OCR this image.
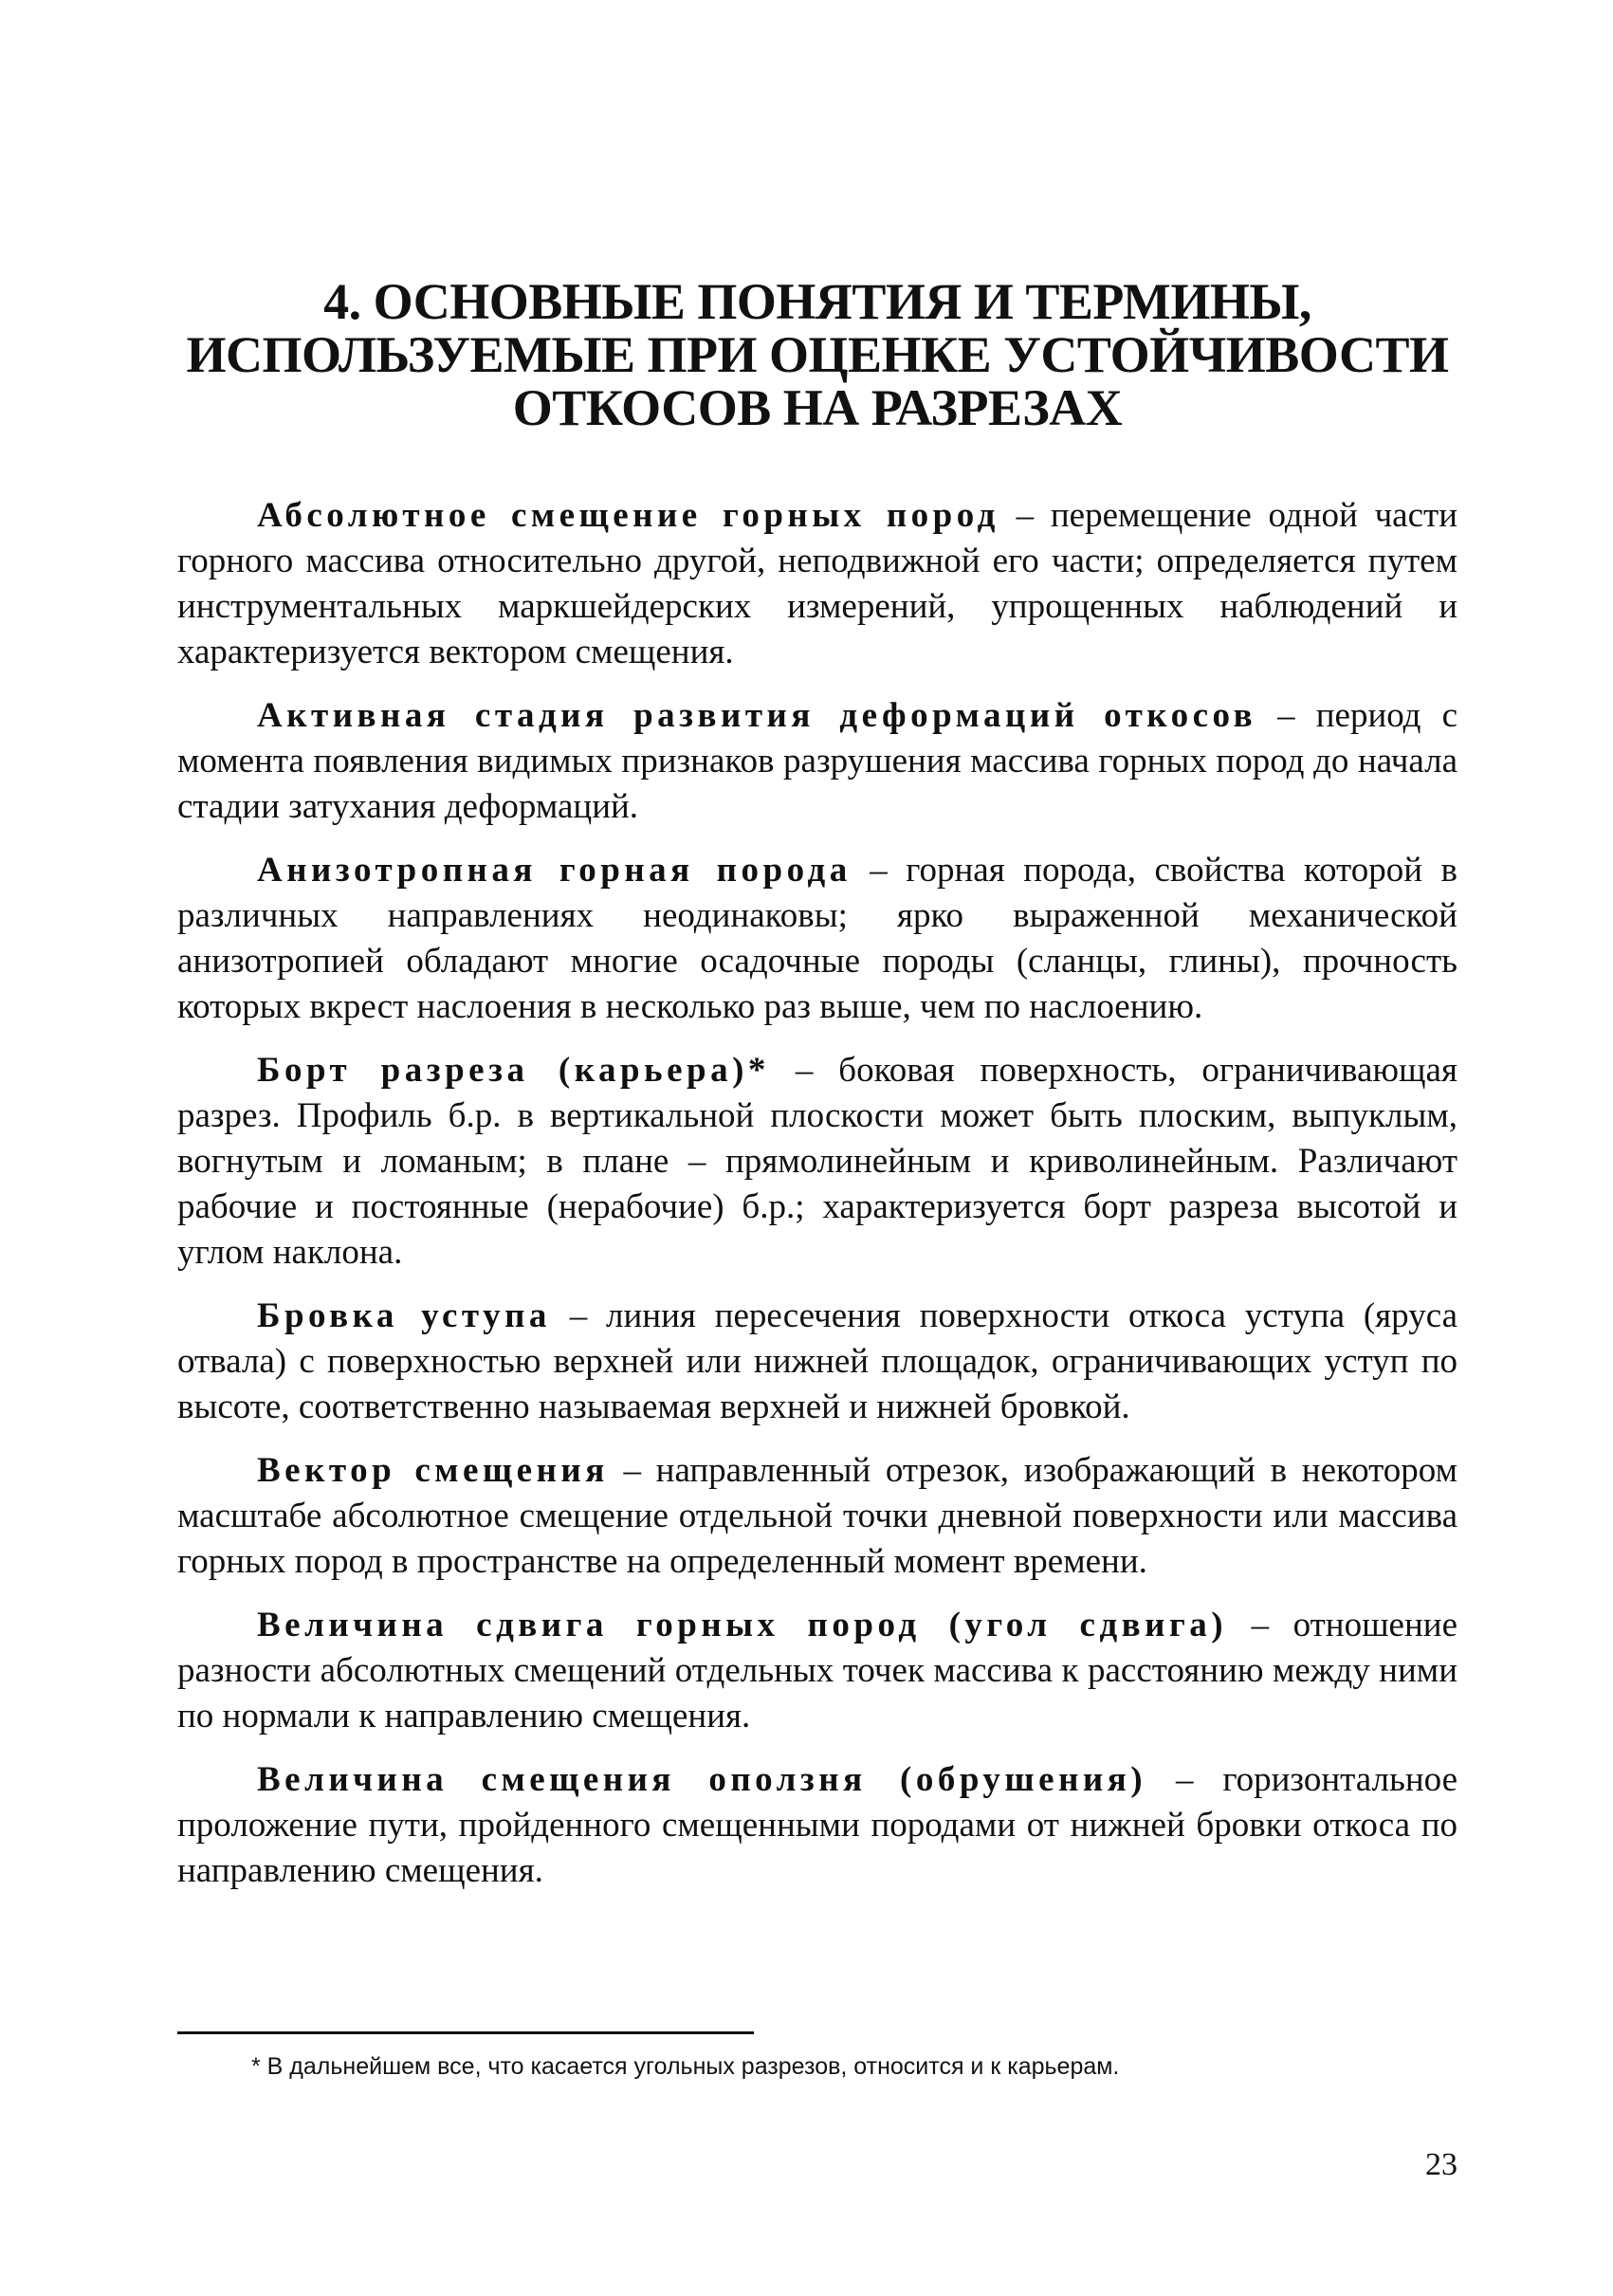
4. ОСНОВНЫЕ ПОНЯТИЯ И ТЕРМИНЫ,
ИСПОЛЬЗУЕМЫЕ ПРИ ОЦЕНКЕ УСТОЙЧИВОСТИ
ОТКОСОВ НА РАЗРЕЗАХ

Абсолютное смещение горных пород – перемещение одной части горного массива относительно другой, неподвижной его части; определяется путем инструментальных маркшейдерских измерений, упрощенных наблюдений и характеризуется вектором смещения.

Активная стадия развития деформаций откосов – период с момента появления видимых признаков разрушения массива горных пород до начала стадии затухания деформаций.

Анизотропная горная порода – горная порода, свойства которой в различных направлениях неодинаковы; ярко выраженной механической анизотропией обладают многие осадочные породы (сланцы, глины), прочность которых вкрест наслоения в несколько раз выше, чем по наслоению.

Борт разреза (карьера)* – боковая поверхность, ограничивающая разрез. Профиль б.р. в вертикальной плоскости может быть плоским, выпуклым, вогнутым и ломаным; в плане – прямолинейным и криволинейным. Различают рабочие и постоянные (нерабочие) б.р.; характеризуется борт разреза высотой и углом наклона.

Бровка уступа – линия пересечения поверхности откоса уступа (яруса отвала) с поверхностью верхней или нижней площадок, ограничивающих уступ по высоте, соответственно называемая верхней и нижней бровкой.

Вектор смещения – направленный отрезок, изображающий в некотором масштабе абсолютное смещение отдельной точки дневной поверхности или массива горных пород в пространстве на определенный момент времени.

Величина сдвига горных пород (угол сдвига) – отношение разности абсолютных смещений отдельных точек массива к расстоянию между ними по нормали к направлению смещения.

Величина смещения оползня (обрушения) – горизонтальное проложение пути, пройденного смещенными породами от нижней бровки откоса по направлению смещения.

* В дальнейшем все, что касается угольных разрезов, относится и к карьерам.

23
